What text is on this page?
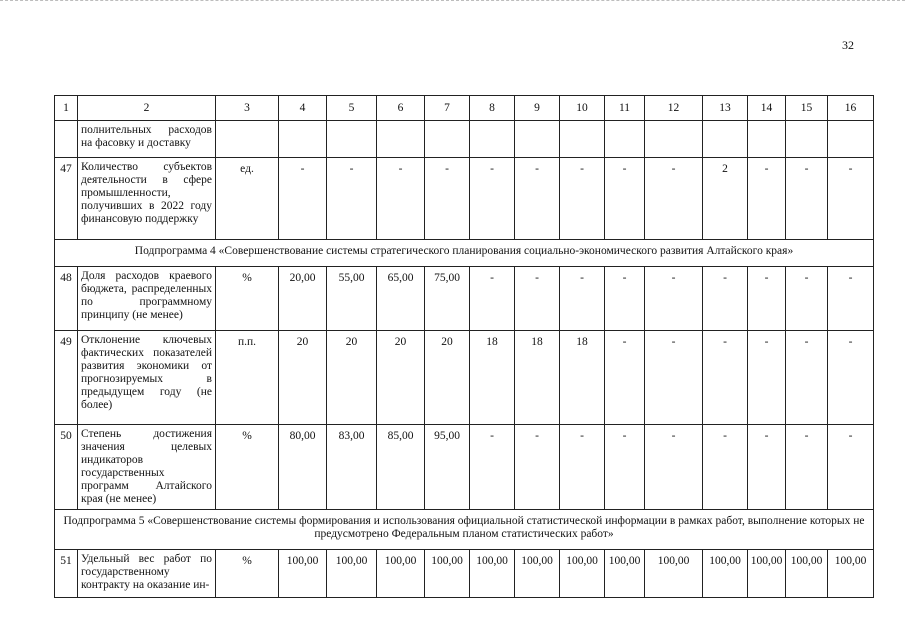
32
1	2	3	4	5	6	7	8	9	10	11	12	13	14	15	16
	полнительных расходов на фасовку и доставку														
47	Количество субъектов деятельности в сфере промышленности, получивших в 2022 году финансовую поддержку	ед.	-	-	-	-	-	-	-	-	-	2	-	-	-
Подпрограмма 4 «Совершенствование системы стратегического планирования социально-экономического развития Алтайского края»															
48	Доля расходов краевого бюджета, распределенных по программному принципу (не менее)	%	20,00	55,00	65,00	75,00	-	-	-	-	-	-	-	-	-
49	Отклонение ключевых фактических показателей развития экономики от прогнозируемых в предыдущем году (не более)	п.п.	20	20	20	20	18	18	18	-	-	-	-	-	-
50	Степень достижения значения целевых индикаторов государственных программ Алтайского края (не менее)	%	80,00	83,00	85,00	95,00	-	-	-	-	-	-	-	-	-
Подпрограмма 5 «Совершенствование системы формирования и использования официальной статистической информации в рамках работ, выполнение которых не предусмотрено Федеральным планом статистических работ»															
51	Удельный вес работ по государственному контракту на оказание ин-	%	100,00	100,00	100,00	100,00	100,00	100,00	100,00	100,00	100,00	100,00	100,00	100,00	100,00
